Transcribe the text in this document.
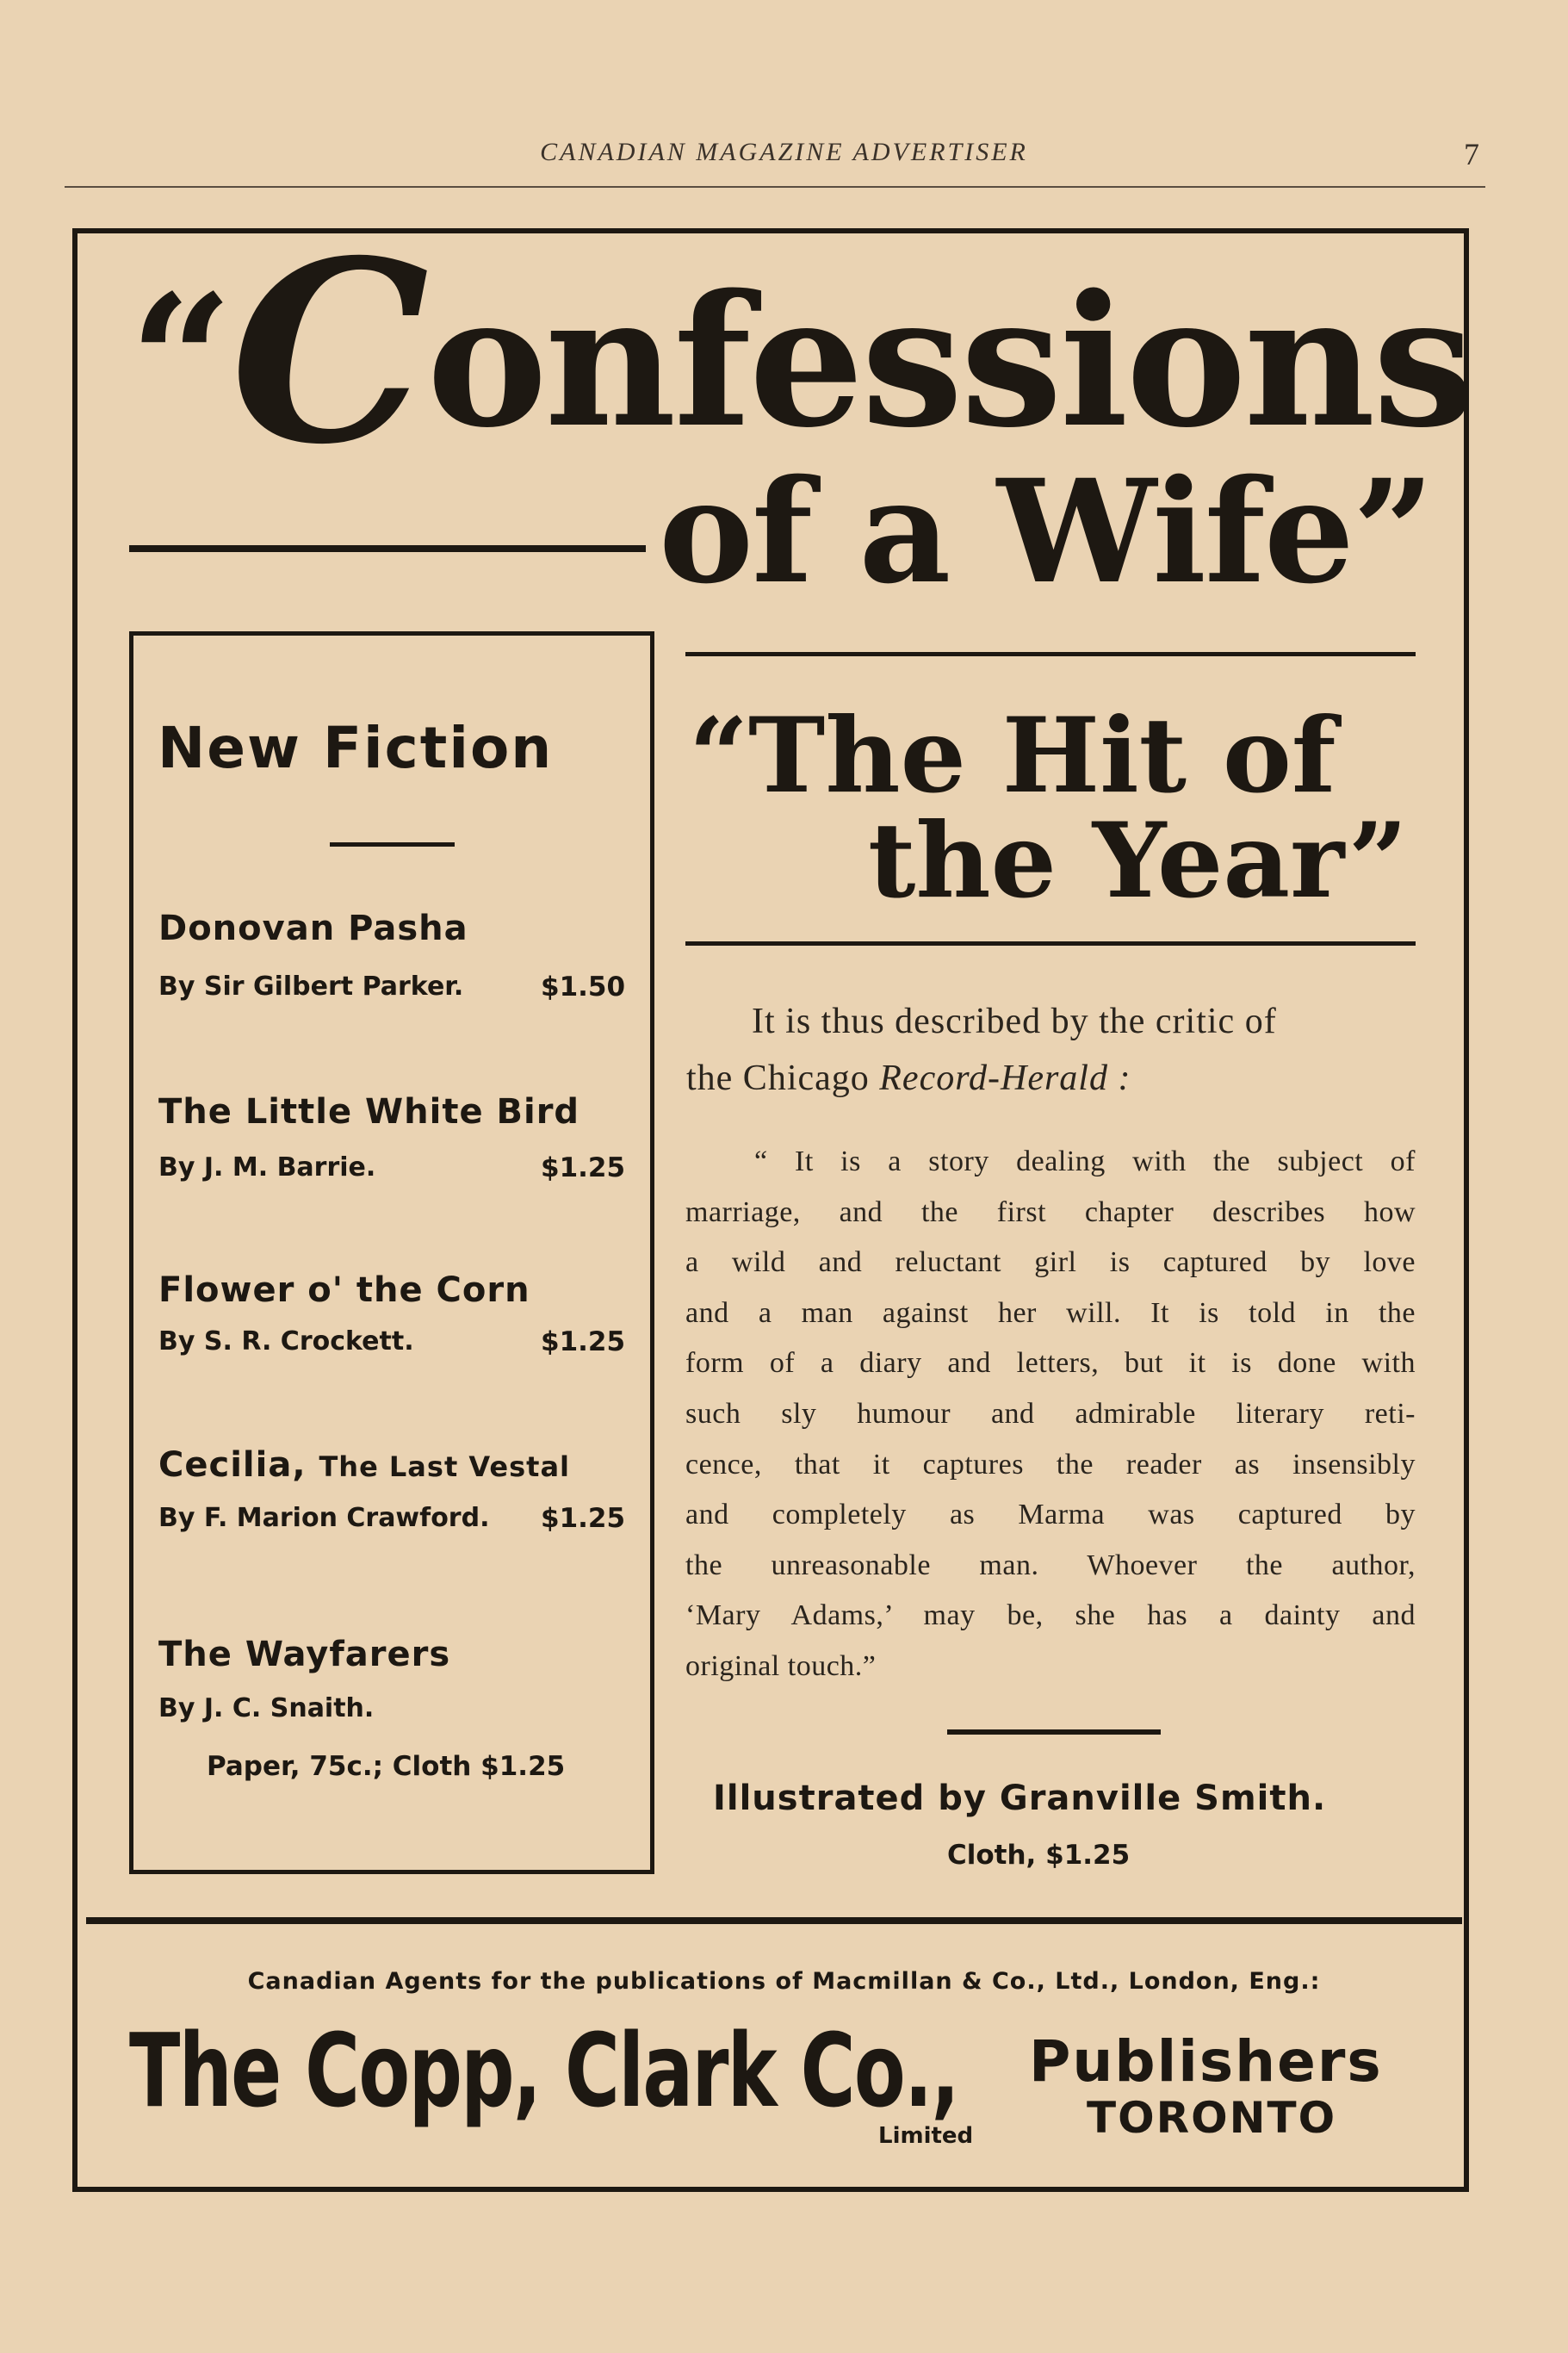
CANADIAN MAGAZINE ADVERTISER	7
“Confessions
of a Wife”
New Fiction
Donovan Pasha
By Sir Gilbert Parker.	$1.50
The Little White Bird
By J. M. Barrie.	$1.25
Flower o' the Corn
By S. R. Crockett.	$1.25
Cecilia, The Last Vestal
By F. Marion Crawford. $1.25
The Wayfarers
By J. C. Snaith.
Paper, 75c.; Cloth $1.25
“The Hit of
the Year”
It is thus described by the critic of
the Chicago Record-Herald :
“ It is a story dealing with the subject of
marriage, and the first chapter describes how
a wild and reluctant girl is captured by love
and a man against her will. It is told in the
form of a diary and letters, but it is done with
such sly humour and admirable literary reti-
cence, that it captures the reader as insensibly
and completely as Marma was captured by
the unreasonable man. Whoever the author,
‘Mary Adams,’ may be, she has a dainty and
original touch.”
Illustrated by Granville Smith.
Cloth, $1.25
Canadian Agents for the publications of Macmillan & Co., Ltd., London, Eng.:
The Copp, Clark Co.,
Limited
Publishers
TORONTO
